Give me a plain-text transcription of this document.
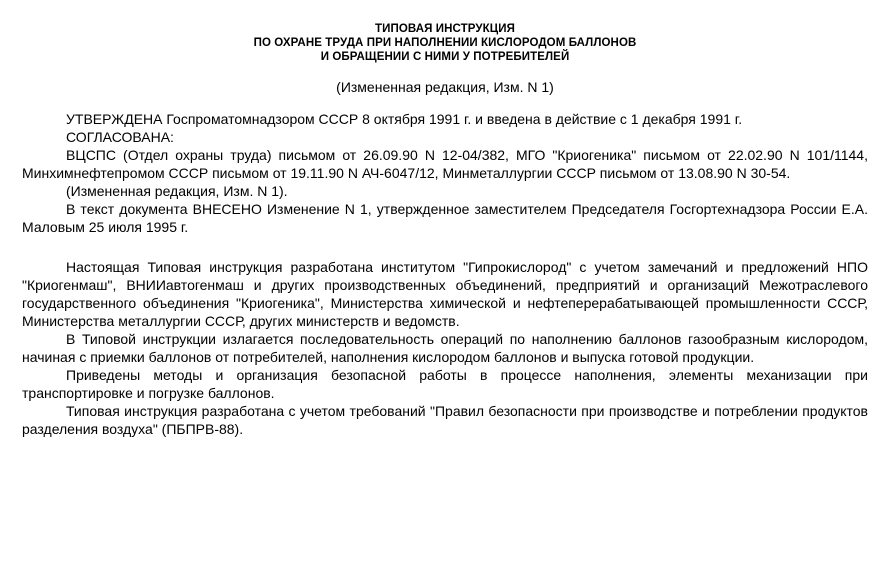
ТИПОВАЯ ИНСТРУКЦИЯ
ПО ОХРАНЕ ТРУДА ПРИ НАПОЛНЕНИИ КИСЛОРОДОМ БАЛЛОНОВ
И ОБРАЩЕНИИ С НИМИ У ПОТРЕБИТЕЛЕЙ

(Измененная редакция, Изм. N 1)

УТВЕРЖДЕНА Госпроматомнадзором СССР 8 октября 1991 г. и введена в действие с 1 декабря 1991 г.

СОГЛАСОВАНА:

ВЦСПС (Отдел охраны труда) письмом от 26.09.90 N 12-04/382, МГО "Криогеника" письмом от 22.02.90 N 101/1144, Минхимнефтепромом СССР письмом от 19.11.90 N АЧ-6047/12, Минметаллургии СССР письмом от 13.08.90 N 30-54.

(Измененная редакция, Изм. N 1).

В текст документа ВНЕСЕНО Изменение N 1, утвержденное заместителем Председателя Госгортехнадзора России Е.А. Маловым 25 июля 1995 г.

Настоящая Типовая инструкция разработана институтом "Гипрокислород" с учетом замечаний и предложений НПО "Криогенмаш", ВНИИавтогенмаш и других производственных объединений, предприятий и организаций Межотраслевого государственного объединения "Криогеника", Министерства химической и нефтеперерабатывающей промышленности СССР, Министерства металлургии СССР, других министерств и ведомств.

В Типовой инструкции излагается последовательность операций по наполнению баллонов газообразным кислородом, начиная с приемки баллонов от потребителей, наполнения кислородом баллонов и выпуска готовой продукции.

Приведены методы и организация безопасной работы в процессе наполнения, элементы механизации при транспортировке и погрузке баллонов.

Типовая инструкция разработана с учетом требований "Правил безопасности при производстве и потреблении продуктов разделения воздуха" (ПБПРВ-88).
